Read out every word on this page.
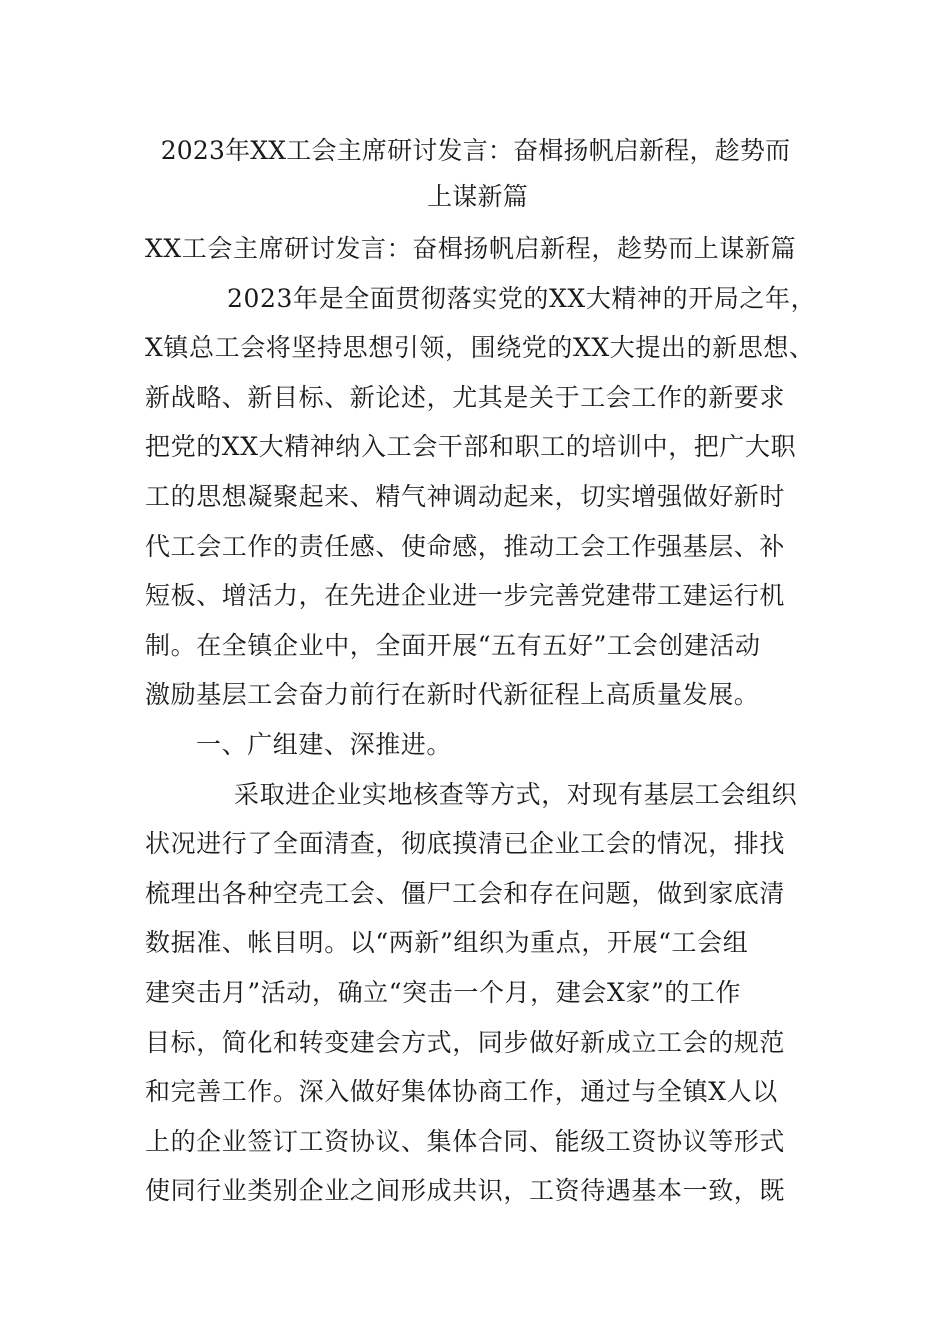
2023年XX工会主席研讨发言：奋楫扬帆启新程，趁势而
上谋新篇
XX工会主席研讨发言：奋楫扬帆启新程，趁势而上谋新篇
2023年是全面贯彻落实党的XX大精神的开局之年，
X镇总工会将坚持思想引领，围绕党的XX大提出的新思想、
新战略、新目标、新论述，尤其是关于工会工作的新要求
把党的XX大精神纳入工会干部和职工的培训中，把广大职
工的思想凝聚起来、精气神调动起来，切实增强做好新时
代工会工作的责任感、使命感，推动工会工作强基层、补
短板、增活力，在先进企业进一步完善党建带工建运行机
制。在全镇企业中，全面开展“五有五好”工会创建活动
激励基层工会奋力前行在新时代新征程上高质量发展。
一、广组建、深推进。
采取进企业实地核查等方式，对现有基层工会组织
状况进行了全面清查，彻底摸清已企业工会的情况，排找
梳理出各种空壳工会、僵尸工会和存在问题，做到家底清
数据准、帐目明。以“两新”组织为重点，开展“工会组
建突击月”活动，确立“突击一个月，建会X家”的工作
目标，简化和转变建会方式，同步做好新成立工会的规范
和完善工作。深入做好集体协商工作，通过与全镇X人以
上的企业签订工资协议、集体合同、能级工资协议等形式
使同行业类别企业之间形成共识，工资待遇基本一致，既
